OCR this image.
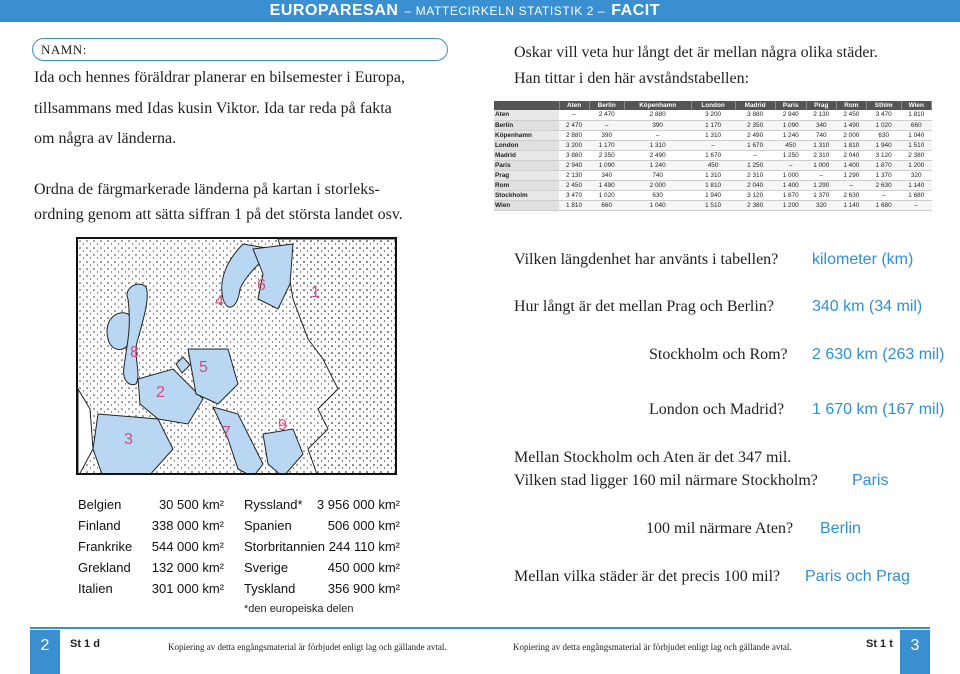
EUROPARESAN – MATTECIRKELN STATISTIK 2 – FACIT
NAMN:
Ida och hennes föräldrar planerar en bilsemester i Europa,
tillsammans med Idas kusin Viktor. Ida tar reda på fakta
om några av länderna.
Ordna de färgmarkerade länderna på kartan i storleks-
ordning genom att sätta siffran 1 på det största landet osv.
1
2
3
4
5
6
7
8
9
Belgien	30 500 km²
Finland	338 000 km²
Frankrike	544 000 km²
Grekland	132 000 km²
Italien	301 000 km²
Ryssland*	3 956 000 km²
Spanien	506 000 km²
Storbritannien 244 110 km²
Sverige	450 000 km²
Tyskland	356 900 km²
*den europeiska delen
Oskar vill veta hur långt det är mellan några olika städer.
Han tittar i den här avståndstabellen:
	Aten	Berlin	Köpenhamn	London	Madrid	Paris	Prag	Rom	Sthlm	Wien
Aten	–	2 470	2 880	3 200	3 880	2 940	2 130	2 450	3 470	1 810
Berlin	2 470	–	390	1 170	2 350	1 090	340	1 490	1 020	660
Köpenhamn	2 880	390	–	1 310	2 490	1 240	740	2 000	630	1 040
London	3 200	1 170	1 310	–	1 670	450	1 310	1 810	1 940	1 510
Madrid	3 880	2 350	2 490	1 670	–	1 250	2 310	2 040	3 120	2 380
Paris	2 940	1 090	1 240	450	1 250	–	1 000	1 400	1 870	1 200
Prag	2 130	340	740	1 310	2 310	1 000	–	1 290	1 370	320
Rom	2 450	1 490	2 000	1 810	2 040	1 400	1 290	–	2 630	1 140
Stockholm	3 470	1 020	630	1 940	3 120	1 870	1 370	2 630	–	1 680
Wien	1 810	660	1 040	1 510	2 380	1 200	320	1 140	1 680	–
Vilken längdenhet har använts i tabellen? kilometer (km)
Hur långt är det mellan Prag och Berlin? 340 km (34 mil)
Stockholm och Rom? 2 630 km (263 mil)
London och Madrid? 1 670 km (167 mil)
Mellan Stockholm och Aten är det 347 mil.
Vilken stad ligger 160 mil närmare Stockholm? Paris
100 mil närmare Aten? Berlin
Mellan vilka städer är det precis 100 mil? Paris och Prag
2	St 1 d	Kopiering av detta engångsmaterial är förbjudet enligt lag och gällande avtal.	Kopiering av detta engångsmaterial är förbjudet enligt lag och gällande avtal.	St 1 t	3
